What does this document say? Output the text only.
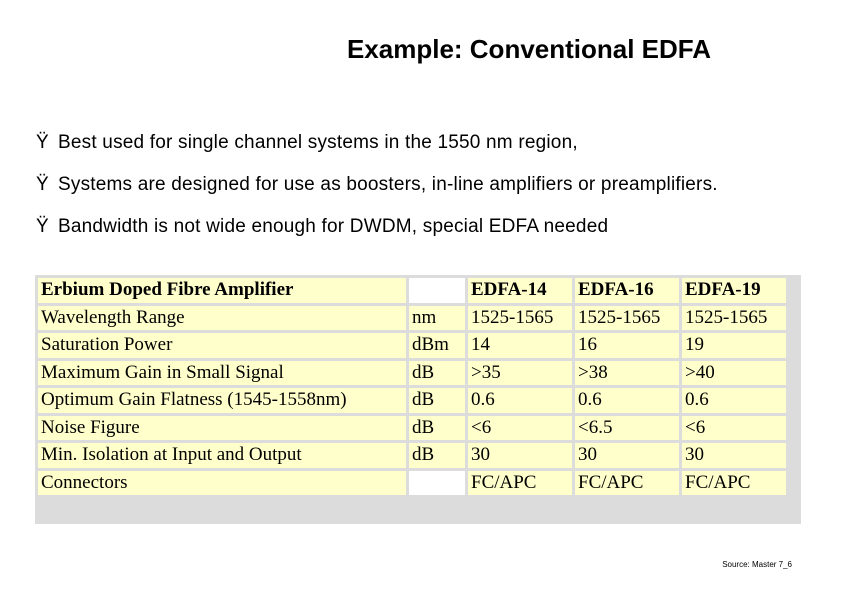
Example: Conventional EDFA
Ÿ Best used for single channel systems in the 1550 nm region,
Ÿ Systems are designed for use as boosters, in-line amplifiers or preamplifiers.
Ÿ Bandwidth is not wide enough for DWDM, special EDFA needed
Erbium Doped Fibre Amplifier		EDFA-14	EDFA-16	EDFA-19
Wavelength Range	nm	1525-1565	1525-1565	1525-1565
Saturation Power	dBm	14	16	19
Maximum Gain in Small Signal	dB	>35	>38	>40
Optimum Gain Flatness (1545-1558nm)	dB	0.6	0.6	0.6
Noise Figure	dB	<6	<6.5	<6
Min. Isolation at Input and Output	dB	30	30	30
Connectors		FC/APC	FC/APC	FC/APC
Source: Master 7_6
